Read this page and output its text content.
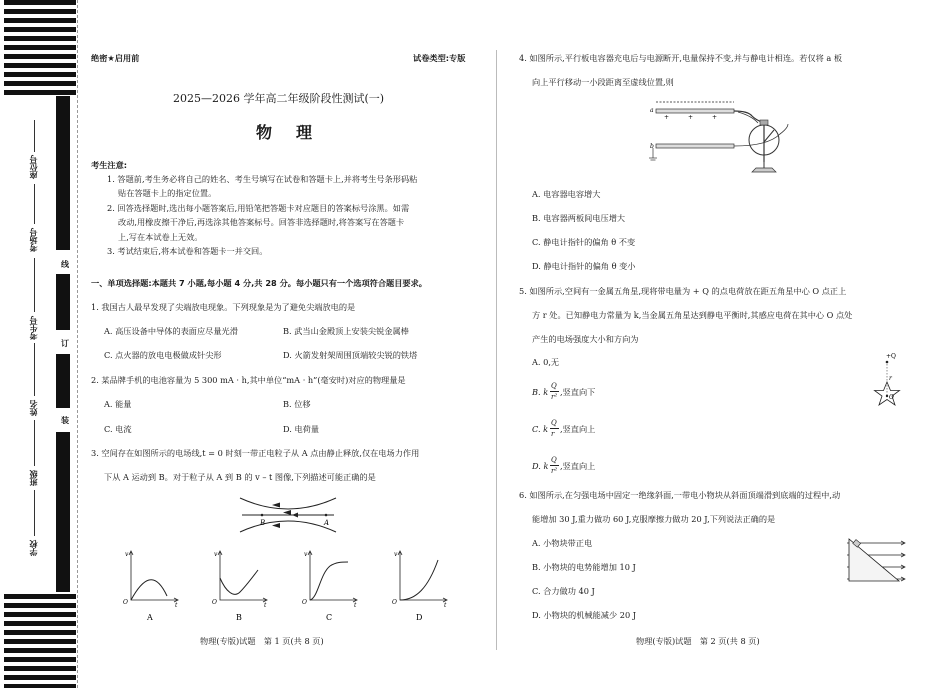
学校
班级
姓名
考生号
考场号
座位号
线
订
装
绝密★启用前	试卷类型:专版
2025—2026 学年高二年级阶段性测试(一)
物　理
考生注意:
1. 答题前,考生务必将自己的姓名、考生号填写在试卷和答题卡上,并将考生号条形码粘
贴在答题卡上的指定位置。
2. 回答选择题时,选出每小题答案后,用铅笔把答题卡对应题目的答案标号涂黑。如需
改动,用橡皮擦干净后,再选涂其他答案标号。回答非选择题时,将答案写在答题卡
上,写在本试卷上无效。
3. 考试结束后,将本试卷和答题卡一并交回。
一、单项选择题:本题共 7 小题,每小题 4 分,共 28 分。每小题只有一个选项符合题目要求。
1. 我国古人最早发现了尖端放电现象。下列现象是为了避免尖端放电的是
A. 高压设备中导体的表面应尽量光滑	B. 武当山金殿顶上安装尖锐金属棒
C. 点火器的放电电极做成针尖形	D. 火箭发射架周围顶端较尖锐的铁塔
2. 某品牌手机的电池容量为 5 300 mA · h,其中单位“mA · h”(毫安时)对应的物理量是
A. 能量	B. 位移
C. 电流	D. 电荷量
3. 空间存在如图所示的电场线,t = 0 时刻一带正电粒子从 A 点由静止释放,仅在电场力作用
下从 A 运动到 B。对于粒子从 A 到 B 的 v – t 图像,下列描述可能正确的是
B	A
v
O	t
A
v
O	t
B
v
O	t
C
v
O	t
D
物理(专版)试题　第 1 页(共 8 页)
4. 如图所示,平行板电容器充电后与电源断开,电量保持不变,并与静电计相连。若仅将 a 板
向上平行移动一小段距离至虚线位置,则
+	+	+
a
b
A. 电容器电容增大
B. 电容器两板间电压增大
C. 静电计指针的偏角 θ 不变
D. 静电计指针的偏角 θ 变小
5. 如图所示,空间有一金属五角星,现将带电量为 + Q 的点电荷放在距五角星中心 O 点正上
方 r 处。已知静电力常量为 k,当金属五角星达到静电平衡时,其感应电荷在其中心 O 点处
产生的电场强度大小和方向为
A. 0,无
B. k
Q
r² ,竖直向下
C. k
Q
r ,竖直向上
D. k
Q
r² ,竖直向上
+Q
r
O
6. 如图所示,在匀强电场中固定一绝缘斜面,一带电小物块从斜面顶端滑到底端的过程中,动
能增加 30 J,重力做功 60 J,克服摩擦力做功 20 J,下列说法正确的是
A. 小物块带正电
B. 小物块的电势能增加 10 J
C. 合力做功 40 J
D. 小物块的机械能减少 20 J
物理(专版)试题　第 2 页(共 8 页)
